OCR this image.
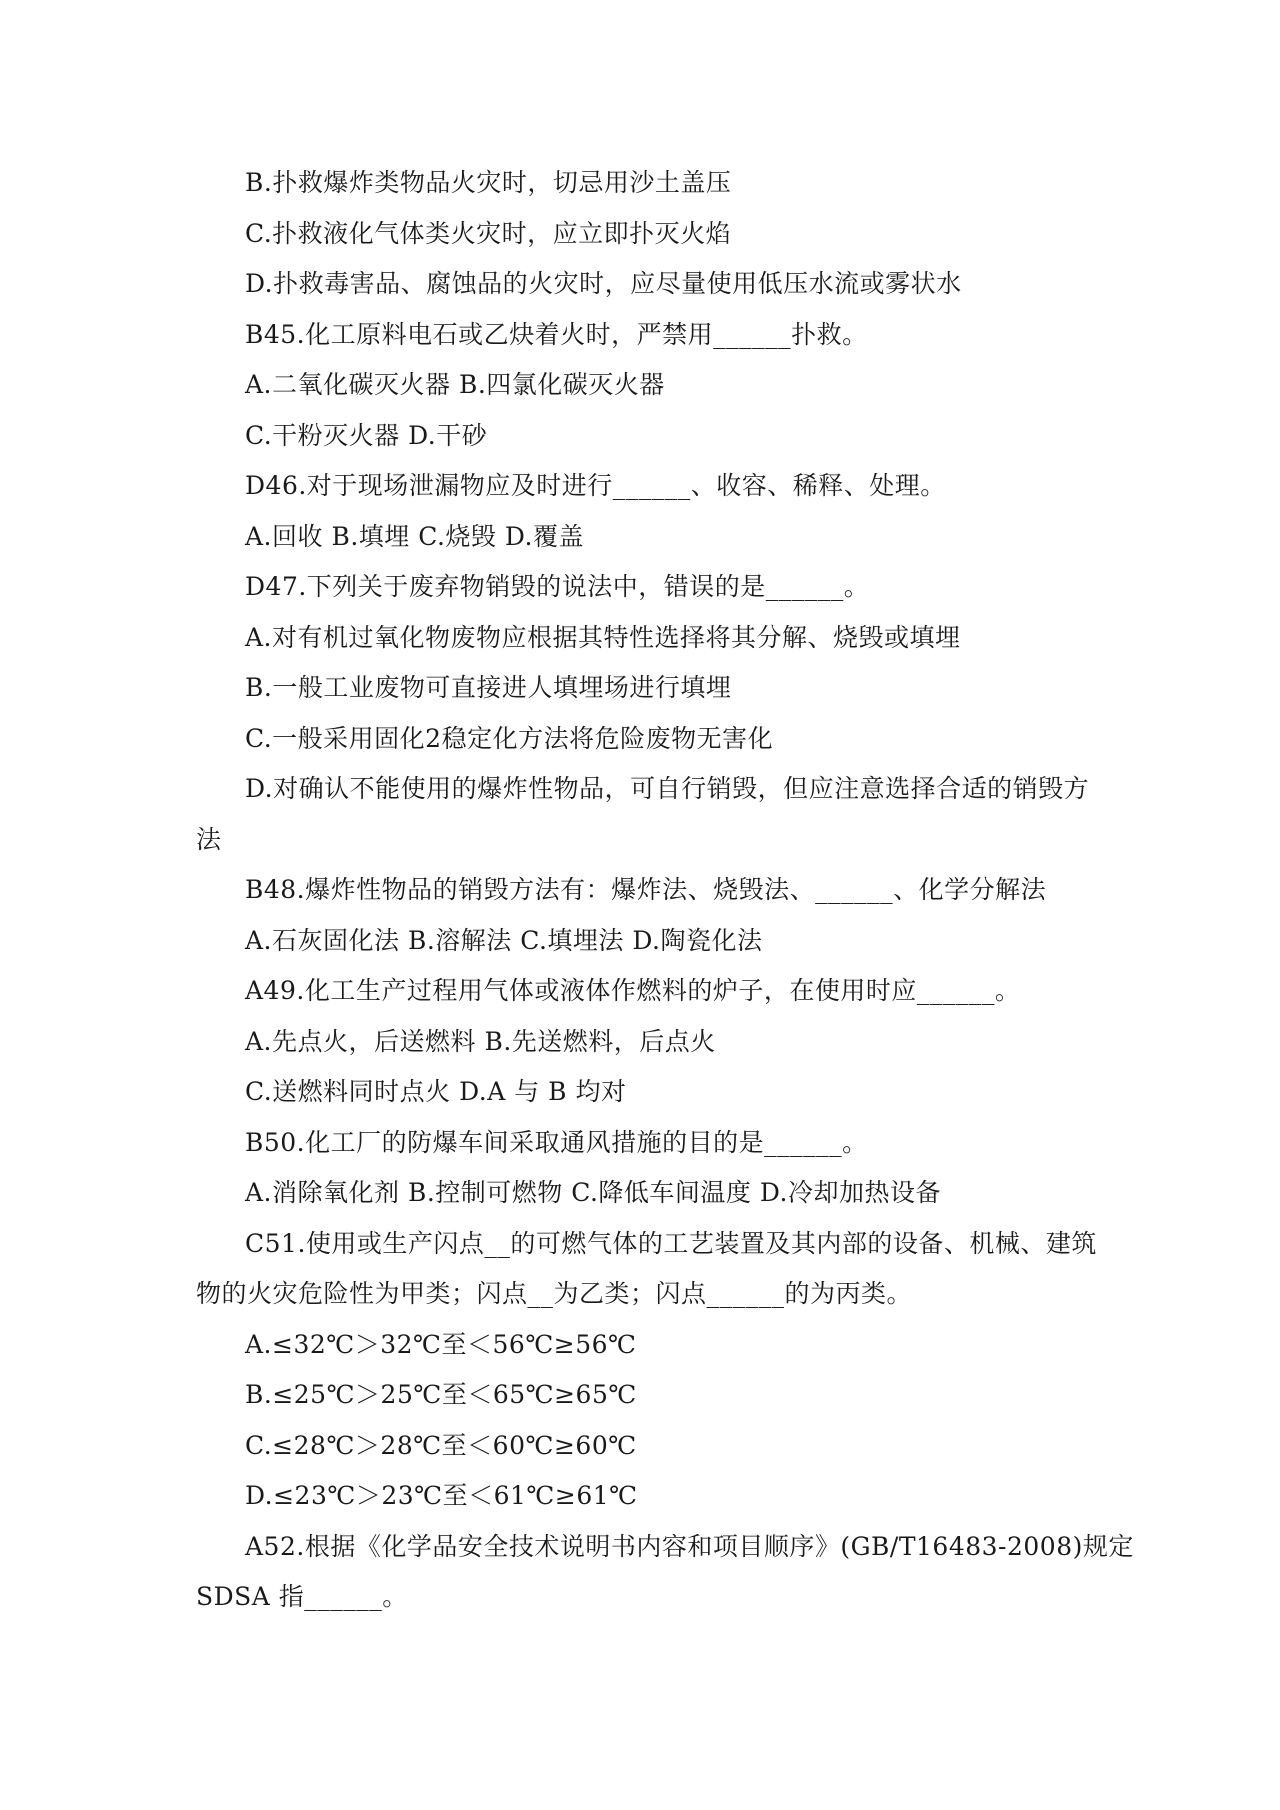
B.扑救爆炸类物品火灾时，切忌用沙土盖压
C.扑救液化气体类火灾时，应立即扑灭火焰
D.扑救毒害品、腐蚀品的火灾时，应尽量使用低压水流或雾状水
B45.化工原料电石或乙炔着火时，严禁用______扑救。
A.二氧化碳灭火器 B.四氯化碳灭火器
C.干粉灭火器 D.干砂
D46.对于现场泄漏物应及时进行______、收容、稀释、处理。
A.回收 B.填埋 C.烧毁 D.覆盖
D47.下列关于废弃物销毁的说法中，错误的是______。
A.对有机过氧化物废物应根据其特性选择将其分解、烧毁或填埋
B.一般工业废物可直接进人填埋场进行填埋
C.一般采用固化2稳定化方法将危险废物无害化
D.对确认不能使用的爆炸性物品，可自行销毁，但应注意选择合适的销毁方
法
B48.爆炸性物品的销毁方法有：爆炸法、烧毁法、______、化学分解法
A.石灰固化法 B.溶解法 C.填埋法 D.陶瓷化法
A49.化工生产过程用气体或液体作燃料的炉子，在使用时应______。
A.先点火，后送燃料 B.先送燃料，后点火
C.送燃料同时点火 D.A 与 B 均对
B50.化工厂的防爆车间采取通风措施的目的是______。
A.消除氧化剂 B.控制可燃物 C.降低车间温度 D.冷却加热设备
C51.使用或生产闪点__的可燃气体的工艺装置及其内部的设备、机械、建筑
物的火灾危险性为甲类；闪点__为乙类；闪点______的为丙类。
A.≤32℃＞32℃至＜56℃≥56℃
B.≤25℃＞25℃至＜65℃≥65℃
C.≤28℃＞28℃至＜60℃≥60℃
D.≤23℃＞23℃至＜61℃≥61℃
A52.根据《化学品安全技术说明书内容和项目顺序》(GB/T16483-2008)规定
SDSA 指______。
